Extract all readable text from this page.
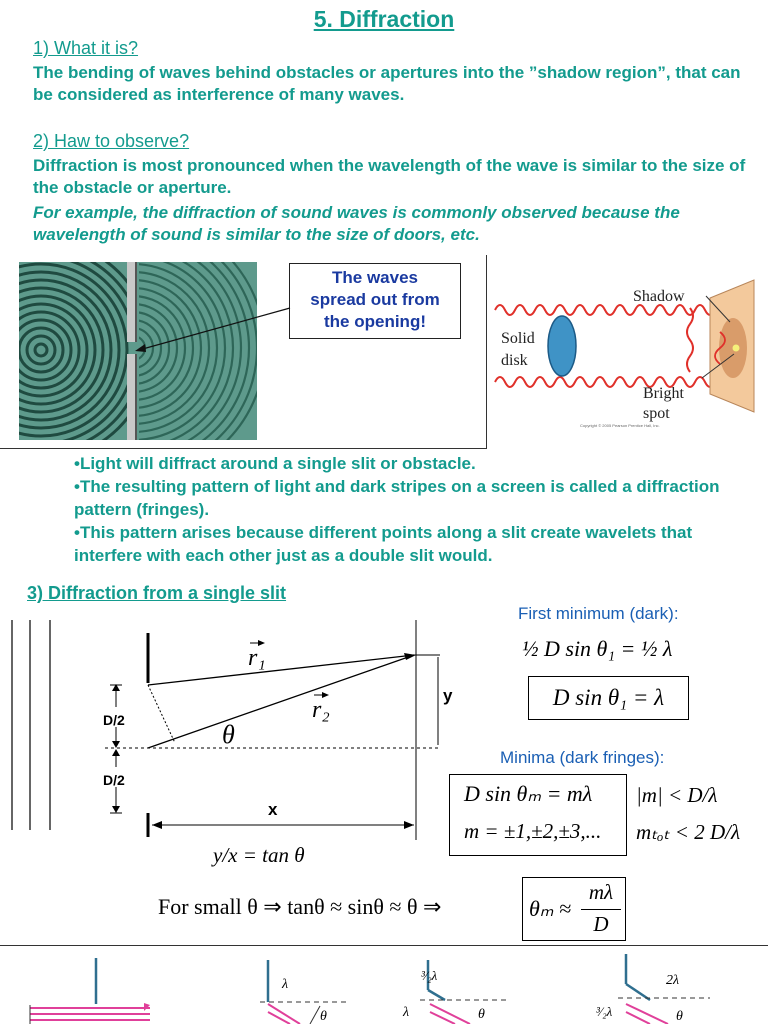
5. Diffraction
1) What it is?
The bending of waves behind obstacles or apertures into the ”shadow region”, that can be considered as interference of many waves.
2) Haw to observe?
Diffraction is most pronounced when the wavelength of the wave is similar to the size of the obstacle or aperture.
For example, the diffraction of sound waves is commonly observed because the wavelength of sound is similar to the size of doors, etc.
The waves
spread out from
the opening!
Shadow
Solid
disk
Bright
spot
Copyright © 2005 Pearson Prentice Hall, Inc.
•Light will diffract around a single slit or obstacle.
•The resulting pattern of light and dark stripes on a screen is called a diffraction pattern (fringes).
•This pattern arises because different points along a slit create wavelets that interfere with each other just as a double slit would.
3) Diffraction from a single slit
r₁
r₂
θ
D/2
D/2
y
x
y/x = tan θ
First minimum (dark):
½ D sin θ₁ = ½ λ
D sin θ₁ = λ
Minima (dark fringes):
D sin θₘ = mλ
m = ±1,±2,±3,...
|m| < D/λ
mₜₒₜ < 2 D/λ
For small θ ⇒ tanθ ≈ sinθ ≈ θ ⇒	θₘ ≈
mλ
D
λ
θ
³⁄₂λ
λ	θ
2λ
³⁄₂λ	θ
